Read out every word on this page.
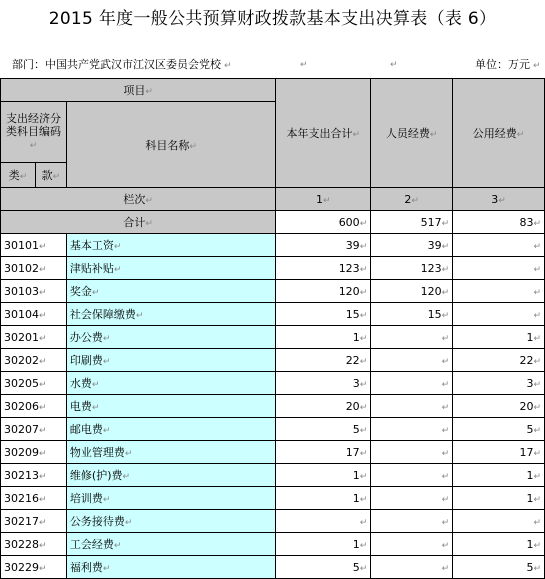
2015 年度一般公共预算财政拨款基本支出决算表（表 6）
部门：中国共产党武汉市江汉区委员会党校 ↵	↵	↵	单位：万元 ↵
项目↵			本年支出合计↵	人员经费↵	公用经费↵
支出经济分类科目编码↵		科目名称↵			

类↵	款↵				
栏次↵			1↵	2↵	3↵
合计↵			600↵	517↵	83↵
30101↵		基本工资↵	39↵	39↵	↵
30102↵		津贴补贴↵	123↵	123↵	↵
30103↵		奖金↵	120↵	120↵	↵
30104↵		社会保障缴费↵	15↵	15↵	↵
30201↵		办公费↵	1↵	↵	1↵
30202↵		印刷费↵	22↵	↵	22↵
30205↵		水费↵	3↵	↵	3↵
30206↵		电费↵	20↵	↵	20↵
30207↵		邮电费↵	5↵	↵	5↵
30209↵		物业管理费↵	17↵	↵	17↵
30213↵		维修(护)费↵	1↵	↵	1↵
30216↵		培训费↵	1↵	↵	1↵
30217↵		公务接待费↵	↵	↵	↵
30228↵		工会经费↵	1↵	↵	1↵
30229↵		福利费↵	5↵	↵	5↵
